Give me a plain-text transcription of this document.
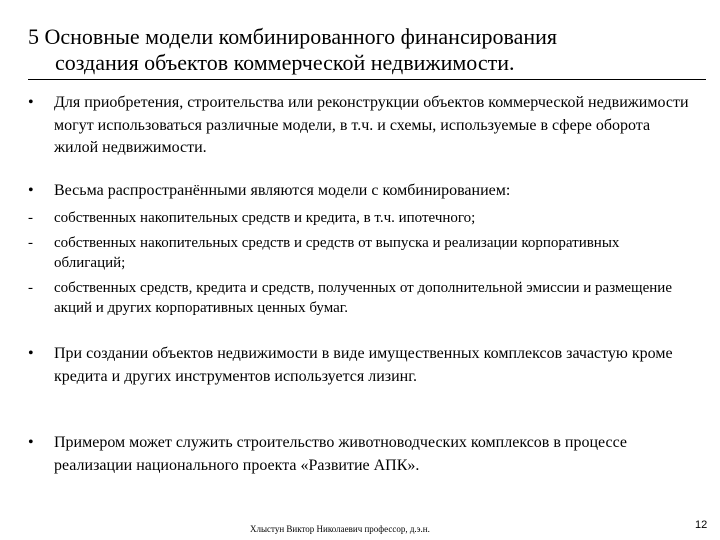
5 Основные модели комбинированного финансирования
создания объектов коммерческой недвижимости.
•	Для приобретения, строительства или реконструкции объектов коммерческой недвижимости могут использоваться различные модели, в т.ч. и схемы, используемые в сфере оборота жилой недвижимости.
•	Весьма распространёнными являются модели с комбинированием:
-	собственных накопительных средств и кредита, в т.ч. ипотечного;
-	собственных накопительных средств и средств от выпуска и реализации корпоративных облигаций;
-	собственных средств, кредита и средств, полученных от дополнительной эмиссии и размещение акций и других корпоративных ценных бумаг.
•	При создании объектов недвижимости в виде имущественных комплексов зачастую кроме кредита и других инструментов используется лизинг.
•	Примером может служить строительство животноводческих комплексов в процессе реализации национального проекта «Развитие АПК».
Хлыстун Виктор Николаевич профессор, д.э.н.	12
